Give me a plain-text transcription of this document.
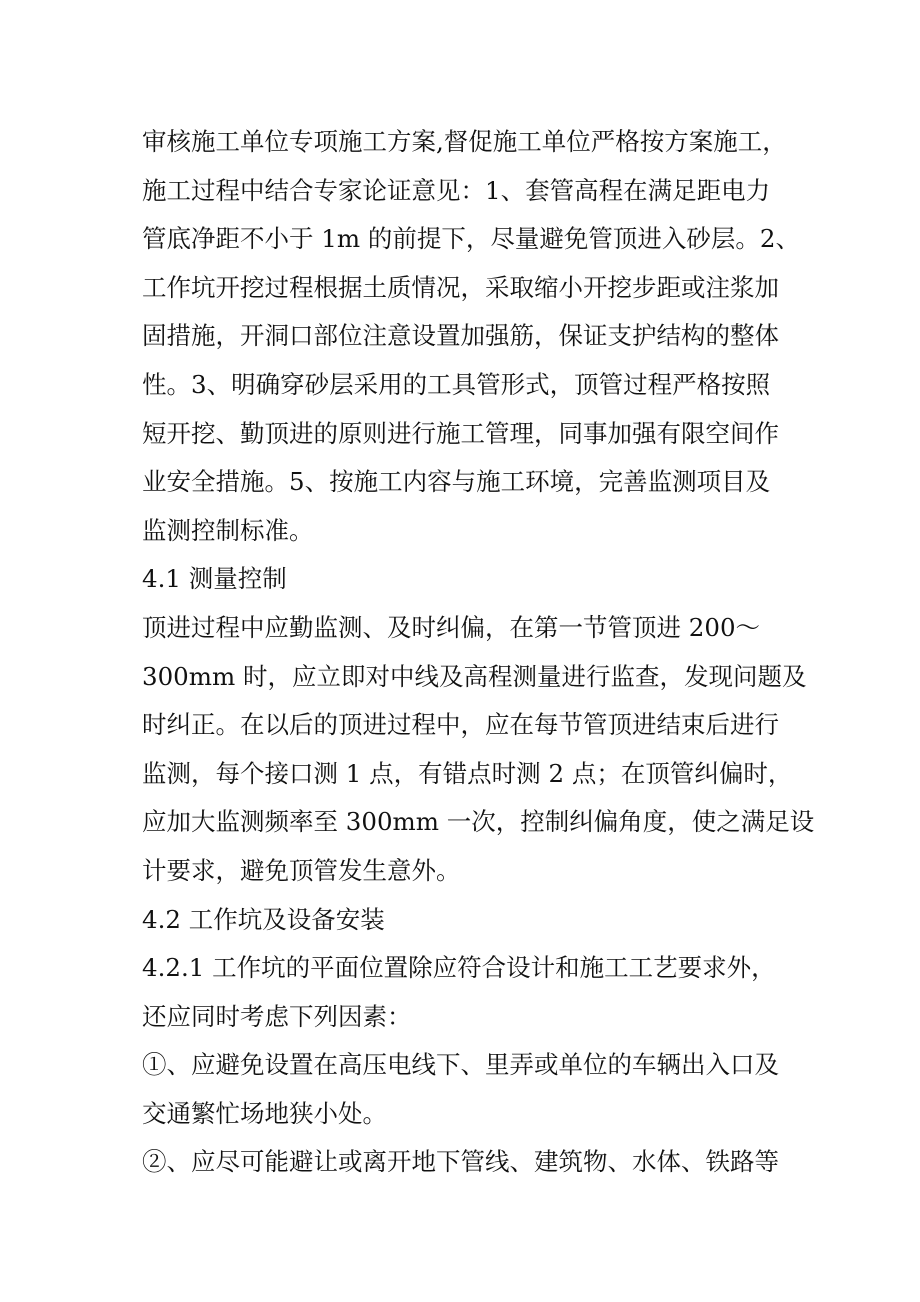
审核施工单位专项施工方案,督促施工单位严格按方案施工，
施工过程中结合专家论证意见：1、套管高程在满足距电力
管底净距不小于 1m 的前提下，尽量避免管顶进入砂层。2、
工作坑开挖过程根据土质情况，采取缩小开挖步距或注浆加
固措施，开洞口部位注意设置加强筋，保证支护结构的整体
性。3、明确穿砂层采用的工具管形式，顶管过程严格按照
短开挖、勤顶进的原则进行施工管理，同事加强有限空间作
业安全措施。5、按施工内容与施工环境，完善监测项目及
监测控制标准。
4.1 测量控制
顶进过程中应勤监测、及时纠偏，在第一节管顶进 200～
300mm 时，应立即对中线及高程测量进行监查，发现问题及
时纠正。在以后的顶进过程中，应在每节管顶进结束后进行
监测，每个接口测 1 点，有错点时测 2 点；在顶管纠偏时，
应加大监测频率至 300mm 一次，控制纠偏角度，使之满足设
计要求，避免顶管发生意外。
4.2 工作坑及设备安装
4.2.1 工作坑的平面位置除应符合设计和施工工艺要求外，
还应同时考虑下列因素：
①、应避免设置在高压电线下、里弄或单位的车辆出入口及
交通繁忙场地狭小处。
②、应尽可能避让或离开地下管线、建筑物、水体、铁路等
